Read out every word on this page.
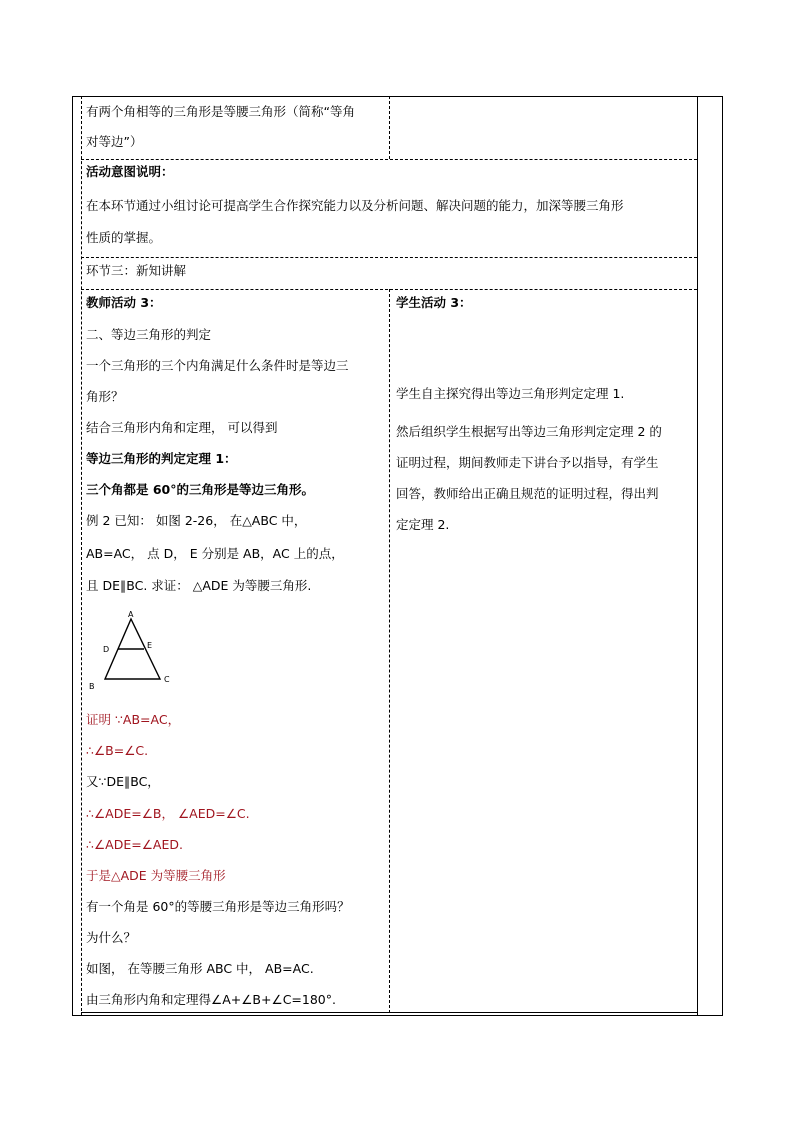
有两个角相等的三角形是等腰三角形（简称“等角
对等边”）
活动意图说明：
在本环节通过小组讨论可提高学生合作探究能力以及分析问题、解决问题的能力，加深等腰三角形
性质的掌握。
环节三：新知讲解
教师活动 3：
二、等边三角形的判定
一个三角形的三个内角满足什么条件时是等边三
角形？
结合三角形内角和定理， 可以得到
等边三角形的判定定理 1：
三个角都是 60°的三角形是等边三角形。
例 2 已知： 如图 2-26， 在△ABC 中，
AB=AC， 点 D， E 分别是 AB，AC 上的点，
且 DE∥BC. 求证： △ADE 为等腰三角形.
A
D	E
B
C
证明 ∵AB=AC，
∴∠B=∠C.
又∵DE∥BC，
∴∠ADE=∠B， ∠AED=∠C.
∴∠ADE=∠AED.
于是△ADE 为等腰三角形
有一个角是 60°的等腰三角形是等边三角形吗？
为什么？
如图， 在等腰三角形 ABC 中， AB=AC.
由三角形内角和定理得∠A+∠B+∠C=180°.
学生活动 3：
学生自主探究得出等边三角形判定定理 1.
然后组织学生根据写出等边三角形判定定理 2 的
证明过程，期间教师走下讲台予以指导，有学生
回答，教师给出正确且规范的证明过程，得出判
定定理 2.
